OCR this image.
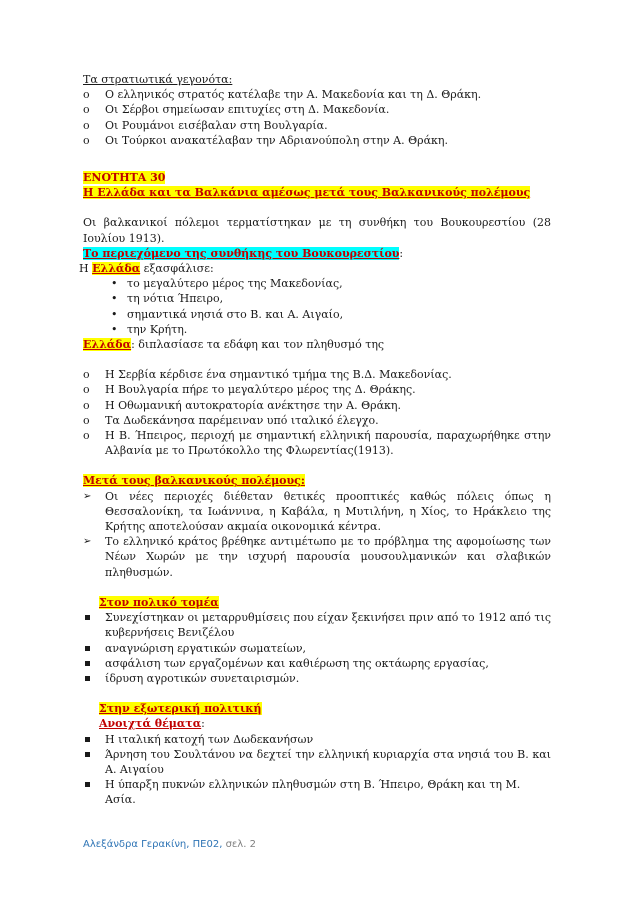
Τα στρατιωτικά γεγονότα:
o Ο ελληνικός στρατός κατέλαβε την Α. Μακεδονία και τη Δ. Θράκη.
o Οι Σέρβοι σημείωσαν επιτυχίες στη Δ. Μακεδονία.
o Οι Ρουμάνοι εισέβαλαν στη Βουλγαρία.
o Οι Τούρκοι ανακατέλαβαν την Αδριανούπολη στην Α. Θράκη.
ΕΝΟΤΗΤΑ 30
Η Ελλάδα και τα Βαλκάνια αμέσως μετά τους Βαλκανικούς πολέμους
Οι βαλκανικοί πόλεμοι τερματίστηκαν με τη συνθήκη του Βουκουρεστίου (28 Ιουλίου 1913).
Το περιεχόμενο της συνθήκης του Βουκουρεστίου:
Η Ελλάδα εξασφάλισε:
• το μεγαλύτερο μέρος της Μακεδονίας,
• τη νότια Ήπειρο,
• σημαντικά νησιά στο Β. και Α. Αιγαίο,
• την Κρήτη.
Ελλάδα: διπλασίασε τα εδάφη και τον πληθυσμό της
o Η Σερβία κέρδισε ένα σημαντικό τμήμα της Β.Δ. Μακεδονίας.
o Η Βουλγαρία πήρε το μεγαλύτερο μέρος της Δ. Θράκης.
o Η Οθωμανική αυτοκρατορία ανέκτησε την Α. Θράκη.
o Τα Δωδεκάνησα παρέμειναν υπό ιταλικό έλεγχο.
o Η Β. Ήπειρος, περιοχή με σημαντική ελληνική παρουσία, παραχωρήθηκε στην Αλβανία με το Πρωτόκολλο της Φλωρεντίας(1913).
Μετά τους βαλκανικούς πολέμους:
➢ Οι νέες περιοχές διέθεταν θετικές προοπτικές καθώς πόλεις όπως η Θεσσαλονίκη, τα Ιωάννινα, η Καβάλα, η Μυτιλήνη, η Χίος, το Ηράκλειο της Κρήτης αποτελούσαν ακμαία οικονομικά κέντρα.
➢ Το ελληνικό κράτος βρέθηκε αντιμέτωπο με το πρόβλημα της αφομοίωσης των Νέων Χωρών με την ισχυρή παρουσία μουσουλμανικών και σλαβικών πληθυσμών.
Στον πολικό τομέα
Συνεχίστηκαν οι μεταρρυθμίσεις που είχαν ξεκινήσει πριν από το 1912 από τις κυβερνήσεις Βενιζέλου
αναγνώριση εργατικών σωματείων,
ασφάλιση των εργαζομένων και καθιέρωση της οκτάωρης εργασίας,
ίδρυση αγροτικών συνεταιρισμών.
Στην εξωτερική πολιτική
Ανοιχτά θέματα:
Η ιταλική κατοχή των Δωδεκανήσων
Άρνηση του Σουλτάνου να δεχτεί την ελληνική κυριαρχία στα νησιά του Β. και Α. Αιγαίου
Η ύπαρξη πυκνών ελληνικών πληθυσμών στη Β. Ήπειρο, Θράκη και τη Μ. Ασία.
Αλεξάνδρα Γερακίνη, ΠΕ02, σελ. 2
